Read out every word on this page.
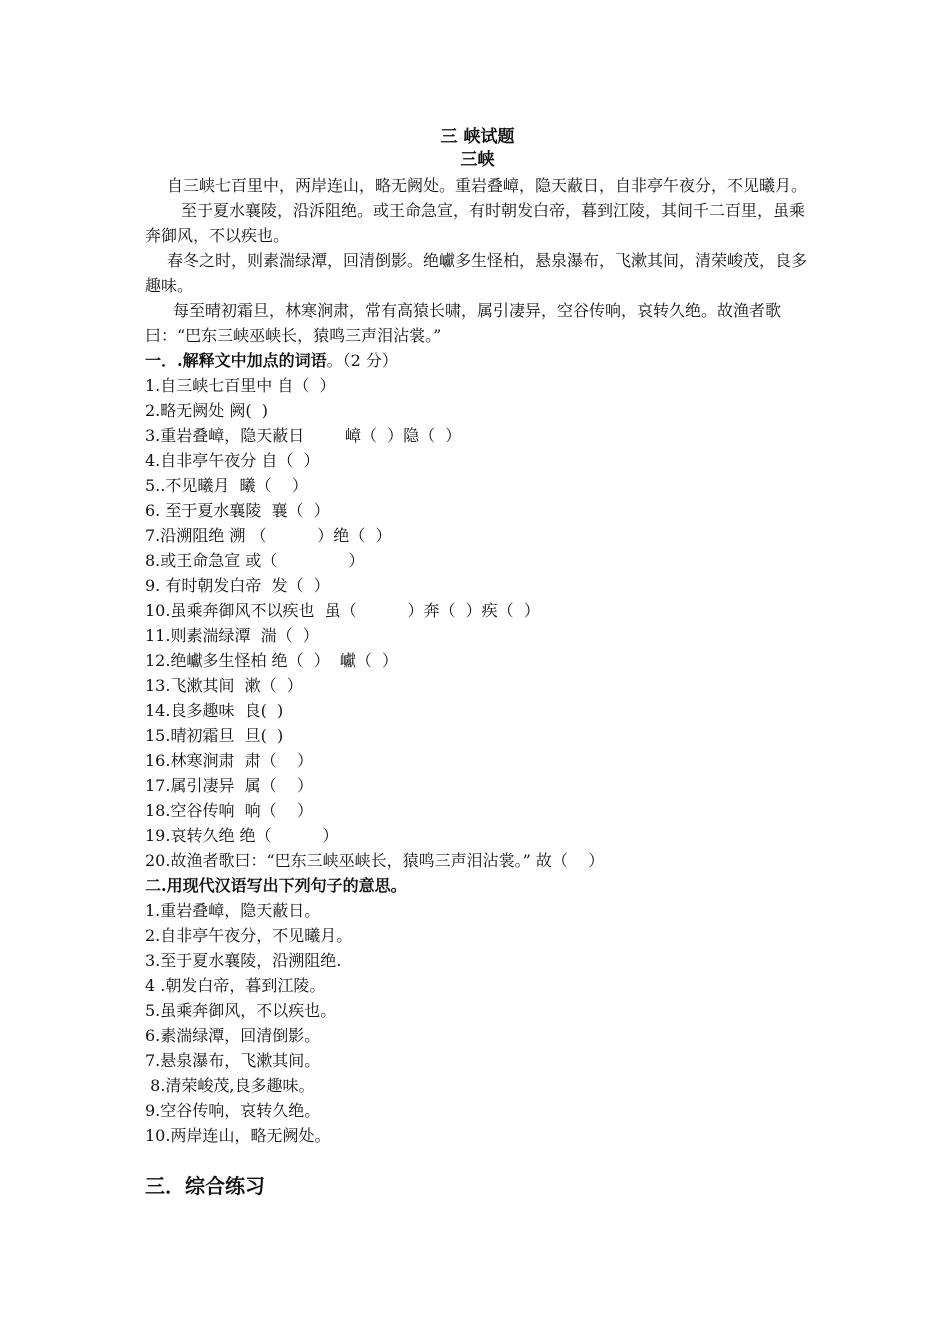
三 峡试题
三峡

自三峡七百里中，两岸连山，略无阙处。重岩叠嶂，隐天蔽日，自非亭午夜分，不见曦月。

至于夏水襄陵，沿泝阻绝。或王命急宣，有时朝发白帝，暮到江陵，其间千二百里，虽乘奔御风，不以疾也。

春冬之时，则素湍绿潭，回清倒影。绝巘多生怪柏，悬泉瀑布，飞漱其间，清荣峻茂，良多趣味。

每至晴初霜旦，林寒涧肃，常有高猿长啸，属引凄异，空谷传响，哀转久绝。故渔者歌曰：“巴东三峡巫峡长，猿鸣三声泪沾裳。”

一．.解释文中加点的词语。（2 分）
1.自三峡七百里中 自（  ）
2.略无阙处 阙(  )
3.重岩叠嶂，隐天蔽日        嶂（  ）隐（  ）
4.自非亭午夜分 自（  ）
5..不见曦月  曦（    ）
6. 至于夏水襄陵  襄（  ）
7.沿溯阻绝 溯 （          ）绝（  ）
8.或王命急宣 或（              ）
9. 有时朝发白帝  发（  ）
10.虽乘奔御风不以疾也  虽（          ）奔（  ）疾（  ）
11.则素湍绿潭  湍（  ）
12.绝巘多生怪柏 绝（  ）  巘（  ）
13.飞漱其间  漱（  ）
14.良多趣味  良(  )
15.晴初霜旦  旦(  )
16.林寒涧肃  肃（    ）
17.属引凄异  属（    ）
18.空谷传响  响（    ）
19.哀转久绝 绝（          ）
20.故渔者歌曰：“巴东三峡巫峡长，猿鸣三声泪沾裳。” 故（    ）
二.用现代汉语写出下列句子的意思。
1.重岩叠嶂，隐天蔽日。
2.自非亭午夜分，不见曦月。
3.至于夏水襄陵，沿溯阻绝.
4 .朝发白帝，暮到江陵。
5.虽乘奔御风，不以疾也。
6.素湍绿潭，回清倒影。
7.悬泉瀑布，飞漱其间。
8.清荣峻茂,良多趣味。
9.空谷传响，哀转久绝。
10.两岸连山，略无阙处。
三．综合练习
